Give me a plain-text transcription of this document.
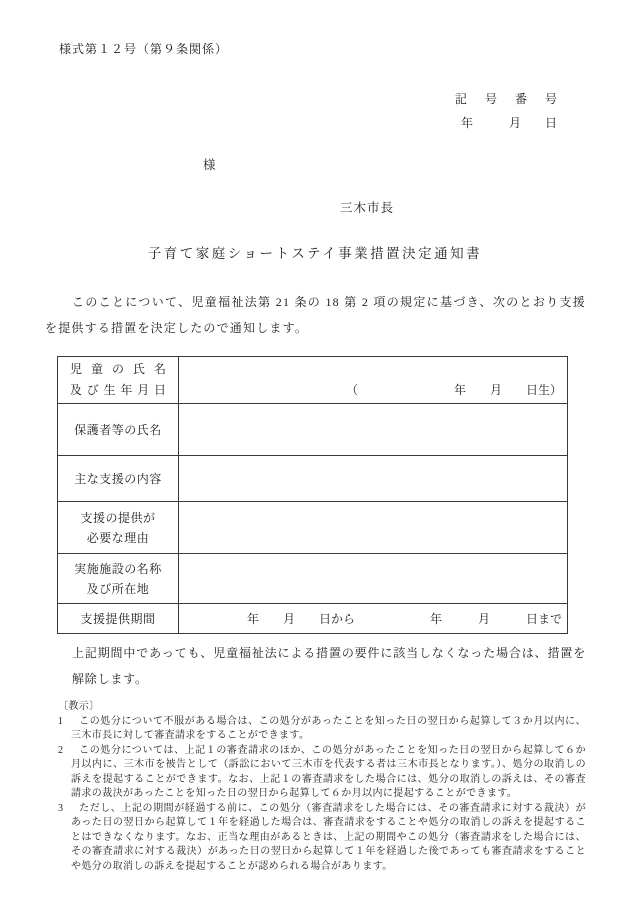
様式第１２号（第９条関係）
記　号　番　号
年　　　月　　日
様
三木市長
子育て家庭ショートステイ事業措置決定通知書
このことについて、児童福祉法第 21 条の 18 第 2 項の規定に基づき、次のとおり支援を提供する措置を決定したので通知します。
児童の氏名
及び生年月日	（　　　　　　　　年　　月　　日生）

保護者等の氏名	

主な支援の内容	

支援の提供が
必要な理由	

実施施設の名称
及び所在地	

支援提供期間	年　　月　　日から 年　　　月　　　日まで
上記期間中であっても、児童福祉法による措置の要件に該当しなくなった場合は、措置を解除します。
〔教示〕
1 この処分について不服がある場合は、この処分があったことを知った日の翌日から起算して３か月以内に、三木市長に対して審査請求をすることができます。
2 この処分については、上記１の審査請求のほか、この処分があったことを知った日の翌日から起算して６か月以内に、三木市を被告として（訴訟において三木市を代表する者は三木市長となります。）、処分の取消しの訴えを提起することができます。なお、上記１の審査請求をした場合には、処分の取消しの訴えは、その審査請求の裁決があったことを知った日の翌日から起算して６か月以内に提起することができます。
3 ただし、上記の期間が経過する前に、この処分（審査請求をした場合には、その審査請求に対する裁決）があった日の翌日から起算して１年を経過した場合は、審査請求をすることや処分の取消しの訴えを提起することはできなくなります。なお、正当な理由があるときは、上記の期間やこの処分（審査請求をした場合には、その審査請求に対する裁決）があった日の翌日から起算して１年を経過した後であっても審査請求をすることや処分の取消しの訴えを提起することが認められる場合があります。
